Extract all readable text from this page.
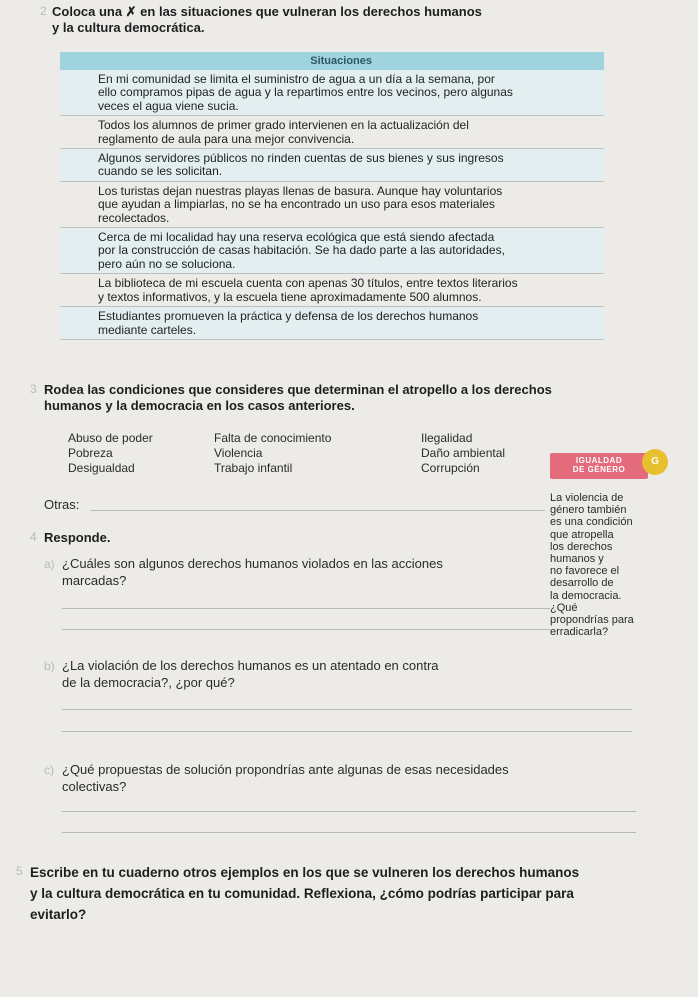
2 Coloca una ✗ en las situaciones que vulneran los derechos humanos
y la cultura democrática.
Situaciones
En mi comunidad se limita el suministro de agua a un día a la semana, por
ello compramos pipas de agua y la repartimos entre los vecinos, pero algunas
veces el agua viene sucia.
Todos los alumnos de primer grado intervienen en la actualización del
reglamento de aula para una mejor convivencia.
Algunos servidores públicos no rinden cuentas de sus bienes y sus ingresos
cuando se les solicitan.
Los turistas dejan nuestras playas llenas de basura. Aunque hay voluntarios
que ayudan a limpiarlas, no se ha encontrado un uso para esos materiales
recolectados.
Cerca de mi localidad hay una reserva ecológica que está siendo afectada
por la construcción de casas habitación. Se ha dado parte a las autoridades,
pero aún no se soluciona.
La biblioteca de mi escuela cuenta con apenas 30 títulos, entre textos literarios
y textos informativos, y la escuela tiene aproximadamente 500 alumnos.
Estudiantes promueven la práctica y defensa de los derechos humanos
mediante carteles.
3 Rodea las condiciones que consideres que determinan el atropello a los derechos
humanos y la democracia en los casos anteriores.
Abuso de poder
Pobreza
Desigualdad
Falta de conocimiento
Violencia
Trabajo infantil
Ilegalidad
Daño ambiental
Corrupción
Otras:
IGUALDAD
DE GÉNERO
G
La violencia de
género también
es una condición
que atropella
los derechos
humanos y
no favorece el
desarrollo de
la democracia.
¿Qué
propondrías para
erradicarla?
4 Responde.
a) ¿Cuáles son algunos derechos humanos violados en las acciones
marcadas?
b) ¿La violación de los derechos humanos es un atentado en contra
de la democracia?, ¿por qué?
c) ¿Qué propuestas de solución propondrías ante algunas de esas necesidades
colectivas?
5 Escribe en tu cuaderno otros ejemplos en los que se vulneren los derechos humanos
y la cultura democrática en tu comunidad. Reflexiona, ¿cómo podrías participar para
evitarlo?
